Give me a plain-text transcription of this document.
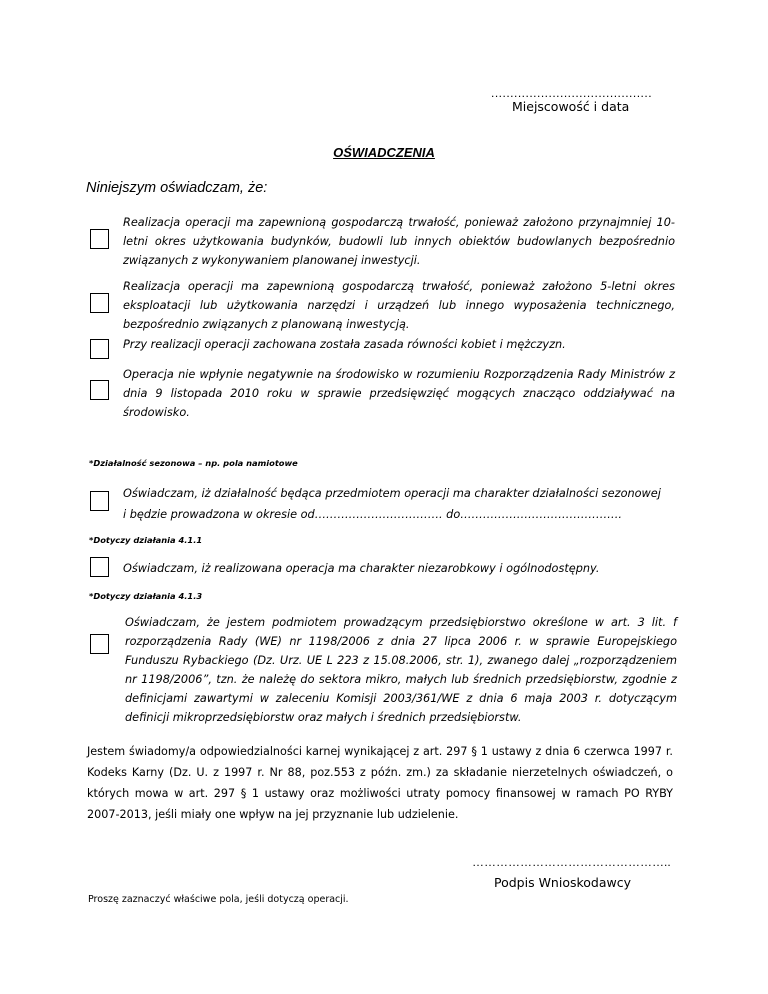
..........................................
Miejscowość i data
OŚWIADCZENIA
Niniejszym oświadczam, że:
Realizacja operacji ma zapewnioną gospodarczą trwałość, ponieważ założono przynajmniej 10-letni okres użytkowania budynków, budowli lub innych obiektów budowlanych bezpośrednio związanych z wykonywaniem planowanej inwestycji.
Realizacja operacji ma zapewnioną gospodarczą trwałość, ponieważ założono 5-letni okres eksploatacji lub użytkowania narzędzi i urządzeń lub innego wyposażenia technicznego, bezpośrednio związanych z planowaną inwestycją.
Przy realizacji operacji zachowana została zasada równości kobiet i mężczyzn.
Operacja nie wpłynie negatywnie na środowisko w rozumieniu Rozporządzenia Rady Ministrów z dnia 9 listopada 2010 roku w sprawie przedsięwzięć mogących znacząco oddziaływać na środowisko.
*Działalność sezonowa – np. pola namiotowe
Oświadczam, iż działalność będąca przedmiotem operacji ma charakter działalności sezonowej
i będzie prowadzona w okresie od……………………………. do…………………………………….
*Dotyczy działania 4.1.1
Oświadczam, iż realizowana operacja ma charakter niezarobkowy i ogólnodostępny.
*Dotyczy działania 4.1.3
Oświadczam, że jestem podmiotem prowadzącym przedsiębiorstwo określone w art. 3 lit. f rozporządzenia Rady (WE) nr 1198/2006 z dnia 27 lipca 2006 r. w sprawie Europejskiego Funduszu Rybackiego (Dz. Urz. UE L 223 z 15.08.2006, str. 1), zwanego dalej „rozporządzeniem nr 1198/2006”, tzn. że należę do sektora mikro, małych lub średnich przedsiębiorstw, zgodnie z definicjami zawartymi w zaleceniu Komisji 2003/361/WE z dnia 6 maja 2003 r. dotyczącym definicji mikroprzedsiębiorstw oraz małych i średnich przedsiębiorstw.
Jestem świadomy/a odpowiedzialności karnej wynikającej z art. 297 § 1 ustawy z dnia 6 czerwca 1997 r. Kodeks Karny (Dz. U. z 1997 r. Nr 88, poz.553 z późn. zm.) za składanie nierzetelnych oświadczeń, o których mowa w art. 297 § 1 ustawy oraz możliwości utraty pomocy finansowej w ramach PO RYBY 2007-2013, jeśli miały one wpływ na jej przyznanie lub udzielenie.
…………………………………………..
Podpis Wnioskodawcy
Proszę zaznaczyć właściwe pola, jeśli dotyczą operacji.
